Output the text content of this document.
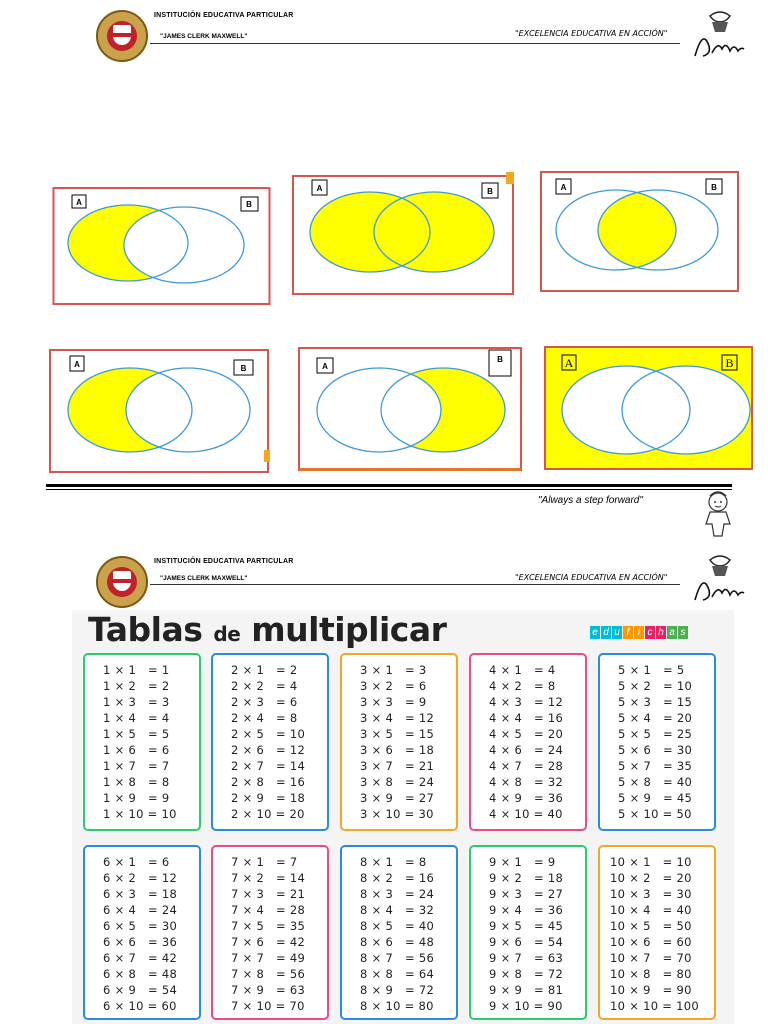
INSTITUCIÓN EDUCATIVA PARTICULAR
"JAMES CLERK MAXWELL"	"EXCELENCIA EDUCATIVA EN ACCIÓN"
A	B
A	B	A	B
A	B	A
B	A	B
"Always a step forward"
INSTITUCIÓN EDUCATIVA PARTICULAR
"JAMES CLERK MAXWELL"	"EXCELENCIA EDUCATIVA EN ACCIÓN"
Tablas de multiplicar	e d u f i c h a s
1 × 1   = 1
1 × 2   = 2
1 × 3   = 3
1 × 4   = 4
1 × 5   = 5
1 × 6   = 6
1 × 7   = 7
1 × 8   = 8
1 × 9   = 9
1 × 10 = 10
2 × 1   = 2
2 × 2   = 4
2 × 3   = 6
2 × 4   = 8
2 × 5   = 10
2 × 6   = 12
2 × 7   = 14
2 × 8   = 16
2 × 9   = 18
2 × 10 = 20
3 × 1   = 3
3 × 2   = 6
3 × 3   = 9
3 × 4   = 12
3 × 5   = 15
3 × 6   = 18
3 × 7   = 21
3 × 8   = 24
3 × 9   = 27
3 × 10 = 30
4 × 1   = 4
4 × 2   = 8
4 × 3   = 12
4 × 4   = 16
4 × 5   = 20
4 × 6   = 24
4 × 7   = 28
4 × 8   = 32
4 × 9   = 36
4 × 10 = 40
5 × 1   = 5
5 × 2   = 10
5 × 3   = 15
5 × 4   = 20
5 × 5   = 25
5 × 6   = 30
5 × 7   = 35
5 × 8   = 40
5 × 9   = 45
5 × 10 = 50
6 × 1   = 6
6 × 2   = 12
6 × 3   = 18
6 × 4   = 24
6 × 5   = 30
6 × 6   = 36
6 × 7   = 42
6 × 8   = 48
6 × 9   = 54
6 × 10 = 60
7 × 1   = 7
7 × 2   = 14
7 × 3   = 21
7 × 4   = 28
7 × 5   = 35
7 × 6   = 42
7 × 7   = 49
7 × 8   = 56
7 × 9   = 63
7 × 10 = 70
8 × 1   = 8
8 × 2   = 16
8 × 3   = 24
8 × 4   = 32
8 × 5   = 40
8 × 6   = 48
8 × 7   = 56
8 × 8   = 64
8 × 9   = 72
8 × 10 = 80
9 × 1   = 9
9 × 2   = 18
9 × 3   = 27
9 × 4   = 36
9 × 5   = 45
9 × 6   = 54
9 × 7   = 63
9 × 8   = 72
9 × 9   = 81
9 × 10 = 90
10 × 1   = 10
10 × 2   = 20
10 × 3   = 30
10 × 4   = 40
10 × 5   = 50
10 × 6   = 60
10 × 7   = 70
10 × 8   = 80
10 × 9   = 90
10 × 10 = 100
